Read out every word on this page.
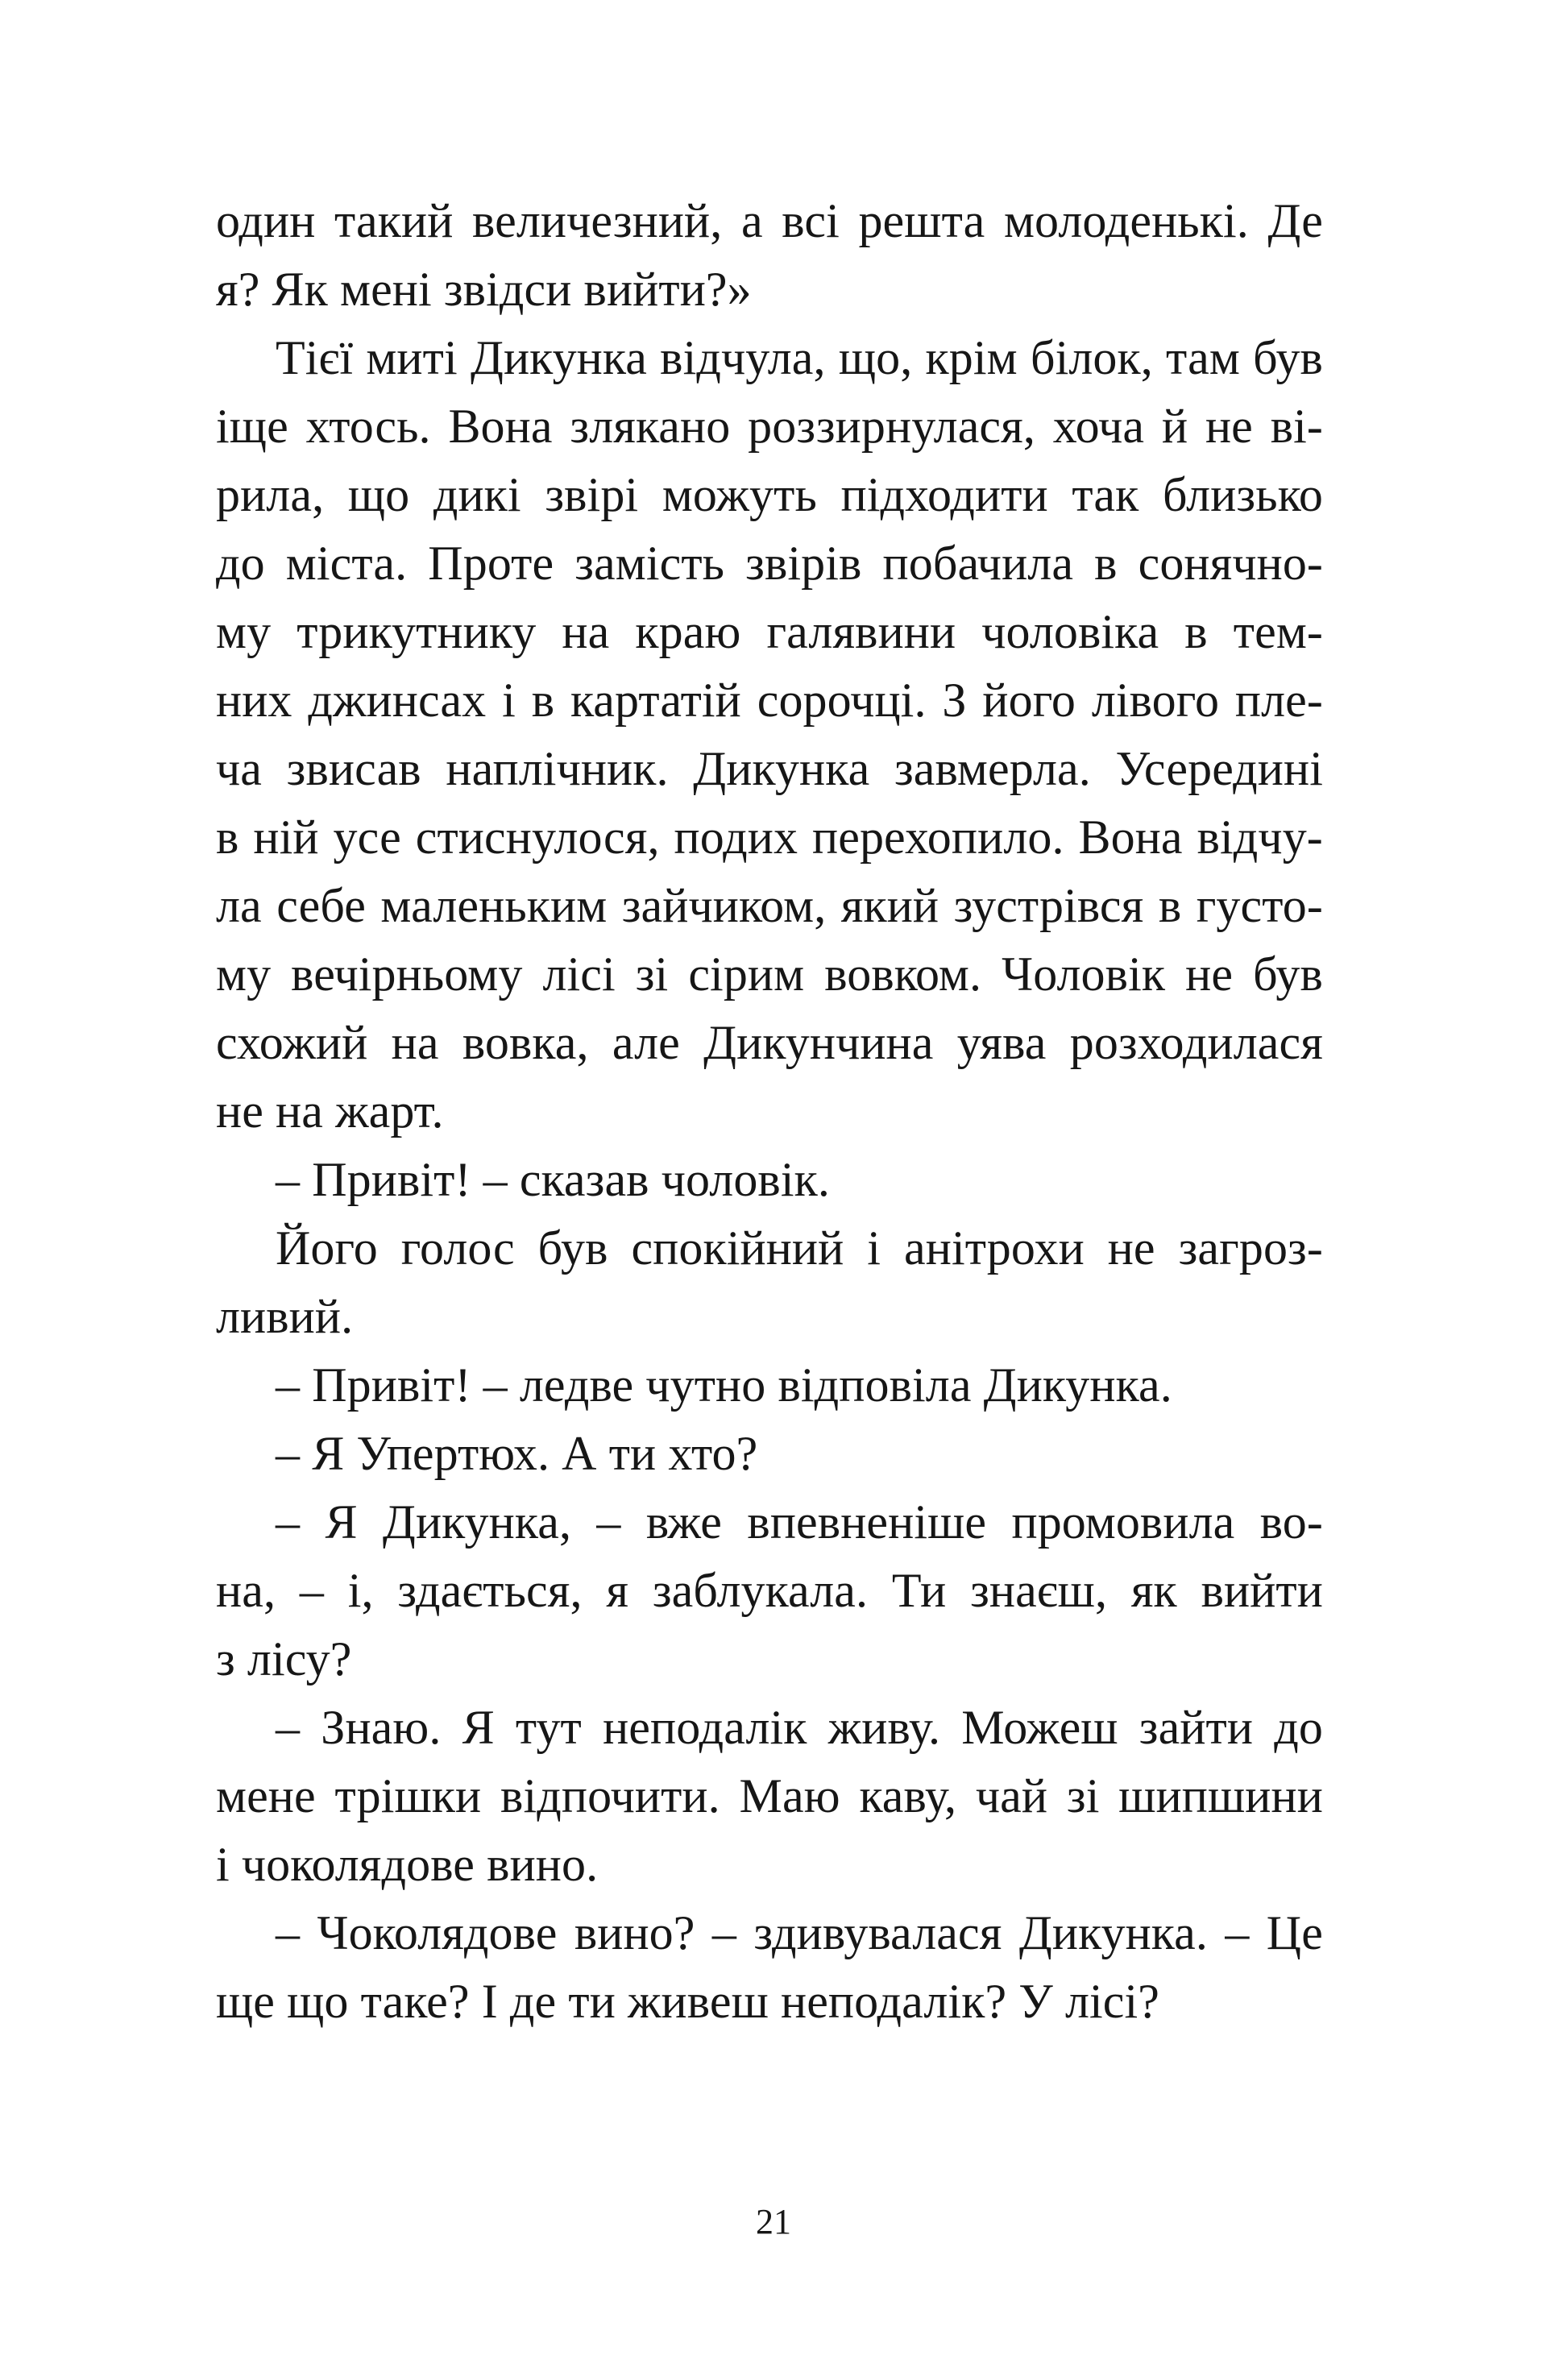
один такий величезний, а всі решта молоденькі. Де
я? Як мені звідси вийти?»
Тієї миті Дикунка відчула, що, крім білок, там був
іще хтось. Вона злякано роззирнулася, хоча й не ві-
рила, що дикі звірі можуть підходити так близько
до міста. Проте замість звірів побачила в сонячно-
му трикутнику на краю галявини чоловіка в тем-
них джинсах і в картатій сорочці. З його лівого пле-
ча звисав наплічник. Дикунка завмерла. Усередині
в ній усе стиснулося, подих перехопило. Вона відчу-
ла себе маленьким зайчиком, який зустрівся в густо-
му вечірньому лісі зі сірим вовком. Чоловік не був
схожий на вовка, але Дикунчина уява розходилася
не на жарт.
– Привіт! – сказав чоловік.
Його голос був спокійний і анітрохи не загроз-
ливий.
– Привіт! – ледве чутно відповіла Дикунка.
– Я Упертюх. А ти хто?
– Я Дикунка, – вже впевненіше промовила во-
на, – і, здається, я заблукала. Ти знаєш, як вийти
з лісу?
– Знаю. Я тут неподалік живу. Можеш зайти до
мене трішки відпочити. Маю каву, чай зі шипшини
і чоколядове вино.
– Чоколядове вино? – здивувалася Дикунка. – Це
ще що таке? І де ти живеш неподалік? У лісі?
21
